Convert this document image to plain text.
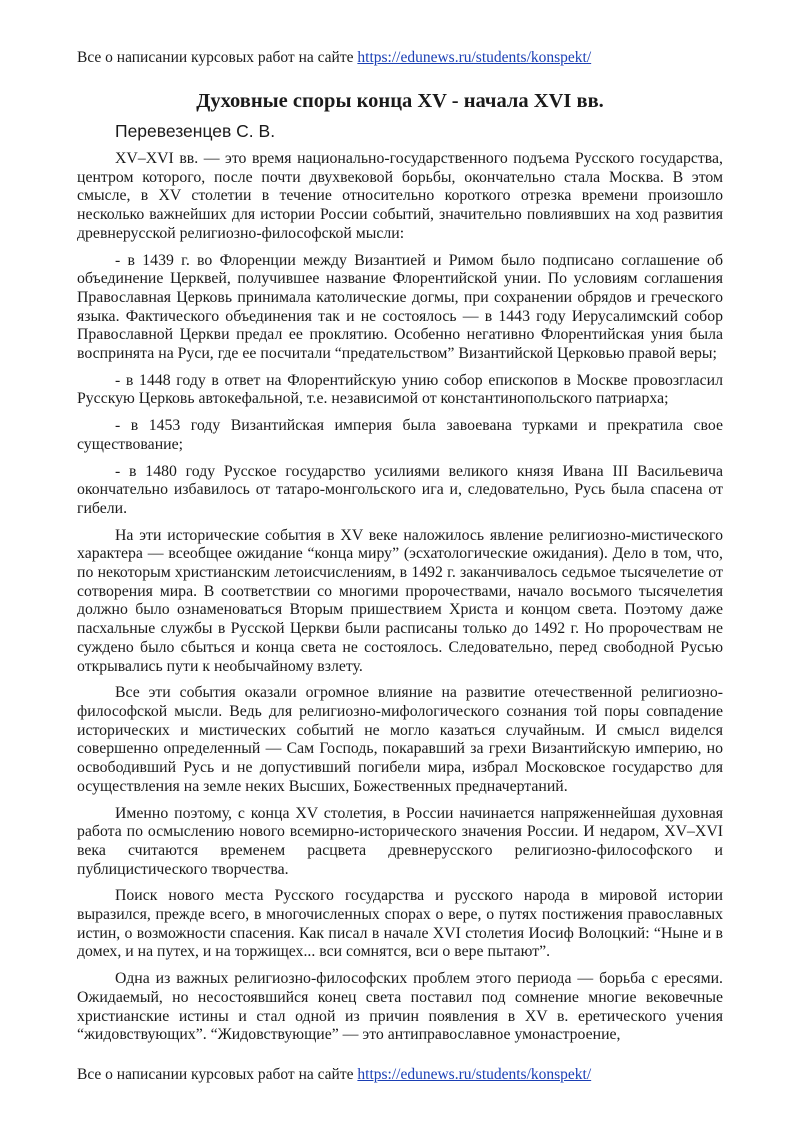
Все о написании курсовых работ на сайте https://edunews.ru/students/konspekt/
Духовные споры конца XV - начала XVI вв.
Перевезенцев С. В.

XV–XVI вв. — это время национально-государственного подъема Русского государства, центром которого, после почти двухвековой борьбы, окончательно стала Москва. В этом смысле, в XV столетии в течение относительно короткого отрезка времени произошло несколько важнейших для истории России событий, значительно повлиявших на ход развития древнерусской религиозно-философской мысли:

- в 1439 г. во Флоренции между Византией и Римом было подписано соглашение об объединение Церквей, получившее название Флорентийской унии. По условиям соглашения Православная Церковь принимала католические догмы, при сохранении обрядов и греческого языка. Фактического объединения так и не состоялось — в 1443 году Иерусалимский собор Православной Церкви предал ее проклятию. Особенно негативно Флорентийская уния была воспринята на Руси, где ее посчитали “предательством” Византийской Церковью правой веры;

- в 1448 году в ответ на Флорентийскую унию собор епископов в Москве провозгласил Русскую Церковь автокефальной, т.е. независимой от константинопольского патриарха;

- в 1453 году Византийская империя была завоевана турками и прекратила свое существование;

- в 1480 году Русское государство усилиями великого князя Ивана III Васильевича окончательно избавилось от татаро-монгольского ига и, следовательно, Русь была спасена от гибели.

На эти исторические события в XV веке наложилось явление религиозно-мистического характера — всеобщее ожидание “конца миру” (эсхатологические ожидания). Дело в том, что, по некоторым христианским летоисчислениям, в 1492 г. заканчивалось седьмое тысячелетие от сотворения мира. В соответствии со многими пророчествами, начало восьмого тысячелетия должно было ознаменоваться Вторым пришествием Христа и концом света. Поэтому даже пасхальные службы в Русской Церкви были расписаны только до 1492 г. Но пророчествам не суждено было сбыться и конца света не состоялось. Следовательно, перед свободной Русью открывались пути к необычайному взлету.

Все эти события оказали огромное влияние на развитие отечественной религиозно-философской мысли. Ведь для религиозно-мифологического сознания той поры совпадение исторических и мистических событий не могло казаться случайным. И смысл виделся совершенно определенный — Сам Господь, покаравший за грехи Византийскую империю, но освободивший Русь и не допустивший погибели мира, избрал Московское государство для осуществления на земле неких Высших, Божественных предначертаний.

Именно поэтому, с конца XV столетия, в России начинается напряженнейшая духовная работа по осмыслению нового всемирно-исторического значения России. И недаром, XV–XVI века считаются временем расцвета древнерусского религиозно-философского и публицистического творчества.

Поиск нового места Русского государства и русского народа в мировой истории выразился, прежде всего, в многочисленных спорах о вере, о путях постижения православных истин, о возможности спасения. Как писал в начале XVI столетия Иосиф Волоцкий: “Ныне и в домех, и на путех, и на торжищех... вси сомнятся, вси о вере пытают”.

Одна из важных религиозно-философских проблем этого периода — борьба с ересями. Ожидаемый, но несостоявшийся конец света поставил под сомнение многие вековечные христианские истины и стал одной из причин появления в XV в. еретического учения “жидовствующих”. “Жидовствующие” — это антиправославное умонастроение,

Все о написании курсовых работ на сайте https://edunews.ru/students/konspekt/
